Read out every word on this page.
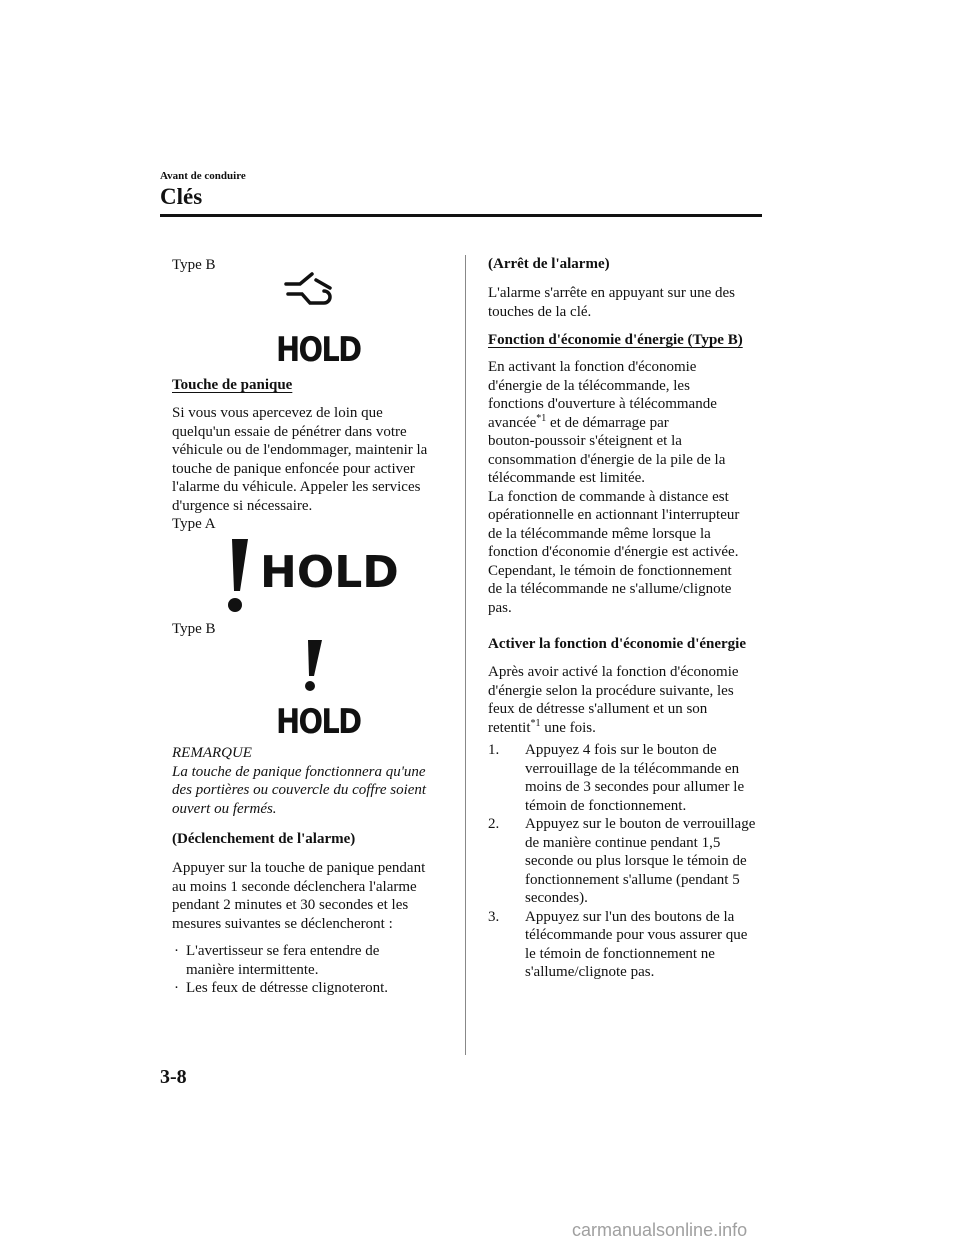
Avant de conduire
Clés
Type B
HOLD
Touche de panique

Si vous vous apercevez de loin que

quelqu'un essaie de pénétrer dans votre

véhicule ou de l'endommager, maintenir la

touche de panique enfoncée pour activer

l'alarme du véhicule. Appeler les services

d'urgence si nécessaire.

Type A

HOLD
Type B
HOLD

REMARQUE

La touche de panique fonctionnera qu'une

des portières ou couvercle du coffre soient

ouvert ou fermés.

(Déclenchement de l'alarme)

Appuyer sur la touche de panique pendant

au moins 1 seconde déclenchera l'alarme

pendant 2 minutes et 30 secondes et les

mesures suivantes se déclencheront :

· L'avertisseur se fera entendre de

manière intermittente.

· Les feux de détresse clignoteront.

(Arrêt de l'alarme)

L'alarme s'arrête en appuyant sur une des

touches de la clé.

Fonction d'économie d'énergie (Type B)

En activant la fonction d'économie

d'énergie de la télécommande, les

fonctions d'ouverture à télécommande

avancée$^{*1}$ et de démarrage par

bouton-poussoir s'éteignent et la

consommation d'énergie de la pile de la

télécommande est limitée.

La fonction de commande à distance est

opérationnelle en actionnant l'interrupteur

de la télécommande même lorsque la

fonction d'économie d'énergie est activée.

Cependant, le témoin de fonctionnement

de la télécommande ne s'allume/clignote

pas.

Activer la fonction d'économie d'énergie

Après avoir activé la fonction d'économie

d'énergie selon la procédure suivante, les

feux de détresse s'allument et un son

retentit$^{*1}$ une fois.

1. Appuyez 4 fois sur le bouton de

verrouillage de la télécommande en

moins de 3 secondes pour allumer le

témoin de fonctionnement.

2. Appuyez sur le bouton de verrouillage

de manière continue pendant 1,5

seconde ou plus lorsque le témoin de

fonctionnement s'allume (pendant 5

secondes).

3. Appuyez sur l'un des boutons de la

télécommande pour vous assurer que

le témoin de fonctionnement ne

s'allume/clignote pas.

3-8
carmanualsonline.info
